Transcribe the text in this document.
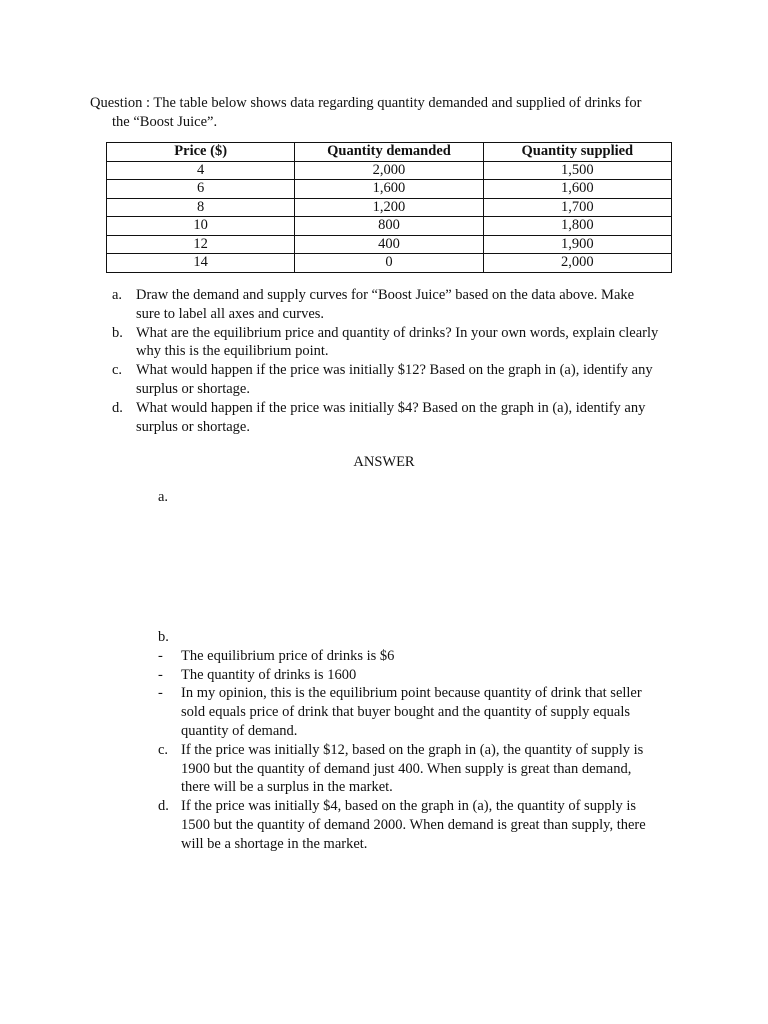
Question : The table below shows data regarding quantity demanded and supplied of drinks for
the “Boost Juice”.
Price ($)	Quantity demanded	Quantity supplied
4	2,000	1,500
6	1,600	1,600
8	1,200	1,700
10	800	1,800
12	400	1,900
14	0	2,000
a. Draw the demand and supply curves for “Boost Juice” based on the data above. Make
sure to label all axes and curves.
b. What are the equilibrium price and quantity of drinks? In your own words, explain clearly
why this is the equilibrium point.
c. What would happen if the price was initially $12? Based on the graph in (a), identify any
surplus or shortage.
d. What would happen if the price was initially $4? Based on the graph in (a), identify any
surplus or shortage.
ANSWER
a.
b.
- The equilibrium price of drinks is $6
- The quantity of drinks is 1600
- In my opinion, this is the equilibrium point because quantity of drink that seller
sold equals price of drink that buyer bought and the quantity of supply equals
quantity of demand.
c. If the price was initially $12, based on the graph in (a), the quantity of supply is
1900 but the quantity of demand just 400. When supply is great than demand,
there will be a surplus in the market.
d. If the price was initially $4, based on the graph in (a), the quantity of supply is
1500 but the quantity of demand 2000. When demand is great than supply, there
will be a shortage in the market.
